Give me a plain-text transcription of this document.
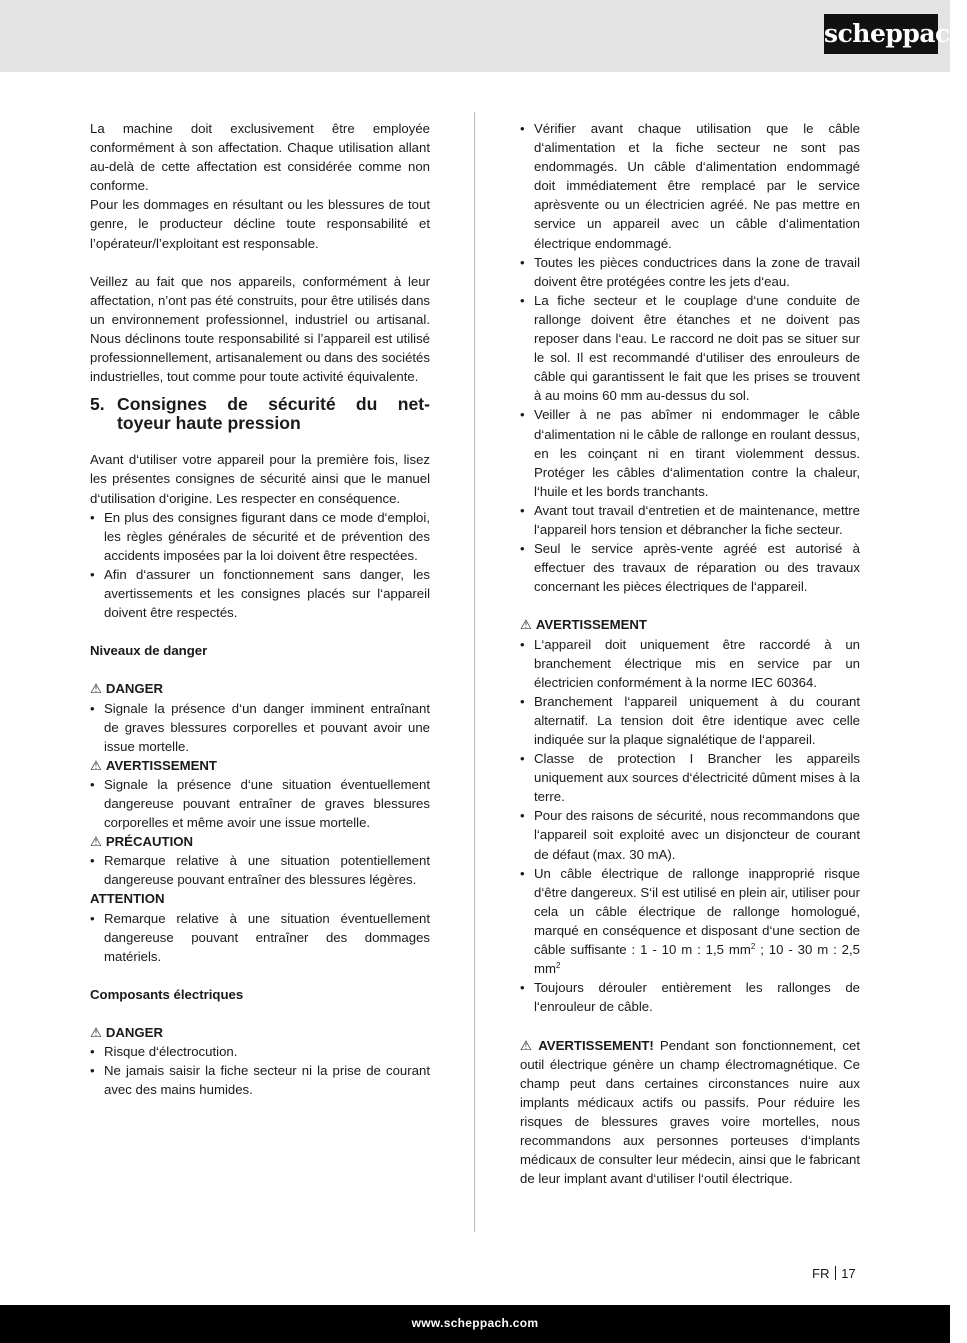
scheppach

La machine doit exclusivement être employée conformément à son affectation. Chaque utilisation allant au-delà de cette affectation est considérée comme non conforme.

Pour les dommages en résultant ou les blessures de tout genre, le producteur décline toute responsabilité et l’opérateur/l’exploitant est responsable.

Veillez au fait que nos appareils, conformément à leur affectation, n’ont pas été construits, pour être utilisés dans un environnement professionnel, industriel ou artisanal. Nous déclinons toute responsabilité si l’appareil est utilisé professionnellement, artisanalement ou dans des sociétés industrielles, tout comme pour toute activité équivalente.

5. Consignes de sécurité du net-
toyeur haute pression

Avant d‘utiliser votre appareil pour la première fois, lisez les présentes consignes de sécurité ainsi que le manuel d‘utilisation d‘origine. Les respecter en conséquence.

• En plus des consignes figurant dans ce mode d‘emploi, les règles générales de sécurité et de prévention des accidents imposées par la loi doivent être respectées.
• Afin d‘assurer un fonctionnement sans danger, les avertissements et les consignes placés sur l‘appareil doivent être respectés.
Niveaux de danger
⚠ DANGER
• Signale la présence d‘un danger imminent entraînant de graves blessures corporelles et pouvant avoir une issue mortelle.
⚠ AVERTISSEMENT
• Signale la présence d‘une situation éventuellement dangereuse pouvant entraîner de graves blessures corporelles et même avoir une issue mortelle.
⚠ PRÉCAUTION
• Remarque relative à une situation potentiellement dangereuse pouvant entraîner des blessures légères.
ATTENTION
• Remarque relative à une situation éventuellement dangereuse pouvant entraîner des dommages matériels.
Composants électriques
⚠ DANGER
• Risque d‘électrocution.
• Ne jamais saisir la fiche secteur ni la prise de courant avec des mains humides.
• Vérifier avant chaque utilisation que le câble d‘alimentation et la fiche secteur ne sont pas endommagés. Un câble d‘alimentation endommagé doit immédiatement être remplacé par le service aprèsvente ou un électricien agréé. Ne pas mettre en service un appareil avec un câble d‘alimentation électrique endommagé.
• Toutes les pièces conductrices dans la zone de travail doivent être protégées contre les jets d‘eau.
• La fiche secteur et le couplage d‘une conduite de rallonge doivent être étanches et ne doivent pas reposer dans l‘eau. Le raccord ne doit pas se situer sur le sol. Il est recommandé d‘utiliser des enrouleurs de câble qui garantissent le fait que les prises se trouvent à au moins 60 mm au-dessus du sol.
• Veiller à ne pas abîmer ni endommager le câble d‘alimentation ni le câble de rallonge en roulant dessus, en les coinçant ni en tirant violemment dessus. Protéger les câbles d‘alimentation contre la chaleur, l‘huile et les bords tranchants.
• Avant tout travail d‘entretien et de maintenance, mettre l‘appareil hors tension et débrancher la fiche secteur.
• Seul le service après-vente agréé est autorisé à effectuer des travaux de réparation ou des travaux concernant les pièces électriques de l‘appareil.
⚠ AVERTISSEMENT
• L‘appareil doit uniquement être raccordé à un branchement électrique mis en service par un électricien conformément à la norme IEC 60364.
• Branchement l‘appareil uniquement à du courant alternatif. La tension doit être identique avec celle indiquée sur la plaque signalétique de l‘appareil.
• Classe de protection I Brancher les appareils uniquement aux sources d‘électricité dûment mises à la terre.
• Pour des raisons de sécurité, nous recommandons que l‘appareil soit exploité avec un disjoncteur de courant de défaut (max. 30 mA).
• Un câble électrique de rallonge inapproprié risque d‘être dangereux. S‘il est utilisé en plein air, utiliser pour cela un câble électrique de rallonge homologué, marqué en conséquence et disposant d‘une section de câble suffisante : 1 - 10 m : 1,5 $mm^2$ ; 10 - 30 m : 2,5 $mm^2$
• Toujours dérouler entièrement les rallonges de l‘enrouleur de câble.

⚠ AVERTISSEMENT! Pendant son fonctionnement, cet outil électrique génère un champ électromagnétique. Ce champ peut dans certaines circonstances nuire aux implants médicaux actifs ou passifs. Pour réduire les risques de blessures graves voire mortelles, nous recommandons aux personnes porteuses d‘implants médicaux de consulter leur médecin, ainsi que le fabricant de leur implant avant d‘utiliser l‘outil électrique.

FR 17
www.scheppach.com
